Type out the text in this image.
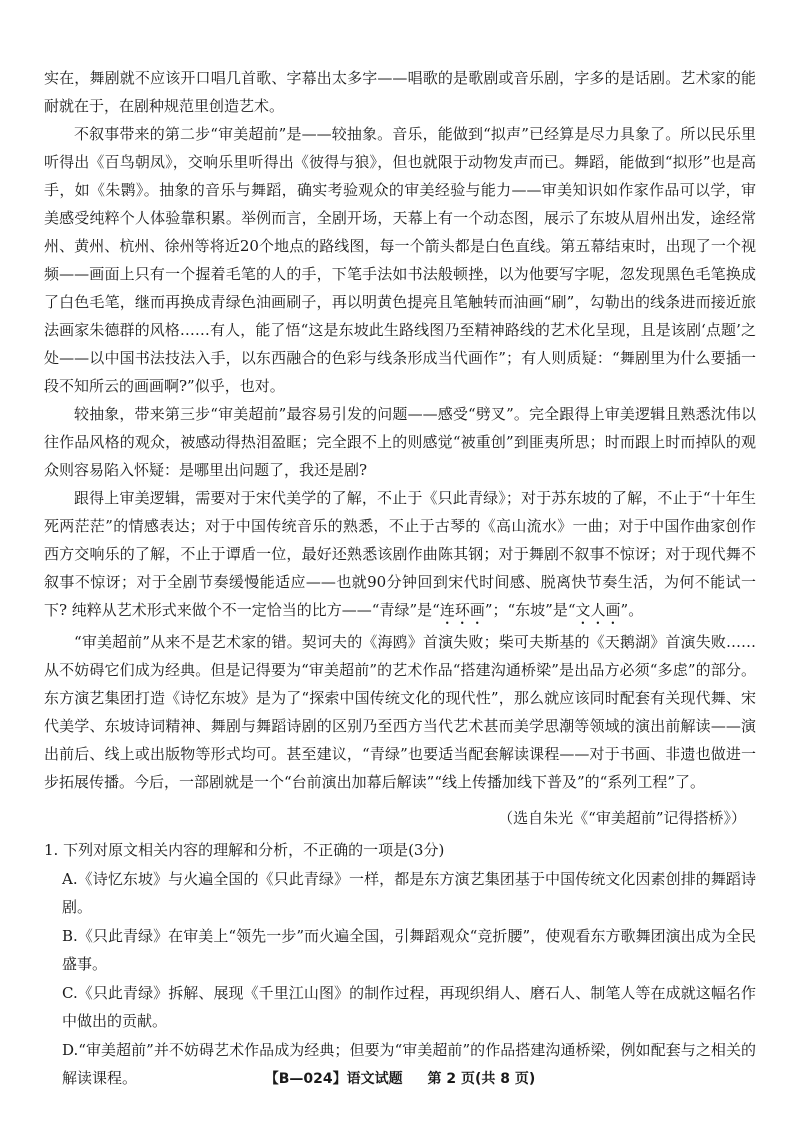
实在，舞剧就不应该开口唱几首歌、字幕出太多字——唱歌的是歌剧或音乐剧，字多的是话剧。艺术家的能耐就在于，在剧种规范里创造艺术。

不叙事带来的第二步“审美超前”是——较抽象。音乐，能做到“拟声”已经算是尽力具象了。所以民乐里听得出《百鸟朝凤》，交响乐里听得出《彼得与狼》，但也就限于动物发声而已。舞蹈，能做到“拟形”也是高手，如《朱鹮》。抽象的音乐与舞蹈，确实考验观众的审美经验与能力——审美知识如作家作品可以学，审美感受纯粹个人体验靠积累。举例而言，全剧开场，天幕上有一个动态图，展示了东坡从眉州出发，途经常州、黄州、杭州、徐州等将近20个地点的路线图，每一个箭头都是白色直线。第五幕结束时，出现了一个视频——画面上只有一个握着毛笔的人的手，下笔手法如书法般顿挫，以为他要写字呢，忽发现黑色毛笔换成了白色毛笔，继而再换成青绿色油画刷子，再以明黄色提亮且笔触转而油画“刷”，勾勒出的线条进而接近旅法画家朱德群的风格……有人，能了悟“这是东坡此生路线图乃至精神路线的艺术化呈现，且是该剧‘点题’之处——以中国书法技法入手，以东西融合的色彩与线条形成当代画作”；有人则质疑：“舞剧里为什么要插一段不知所云的画画啊?”似乎，也对。

较抽象，带来第三步“审美超前”最容易引发的问题——感受“劈叉”。完全跟得上审美逻辑且熟悉沈伟以往作品风格的观众，被感动得热泪盈眶；完全跟不上的则感觉“被重创”到匪夷所思；时而跟上时而掉队的观众则容易陷入怀疑：是哪里出问题了，我还是剧?

跟得上审美逻辑，需要对于宋代美学的了解，不止于《只此青绿》；对于苏东坡的了解，不止于“十年生死两茫茫”的情感表达；对于中国传统音乐的熟悉，不止于古琴的《高山流水》一曲；对于中国作曲家创作西方交响乐的了解，不止于谭盾一位，最好还熟悉该剧作曲陈其钢；对于舞剧不叙事不惊讶；对于现代舞不叙事不惊讶；对于全剧节奏缓慢能适应——也就90分钟回到宋代时间感、脱离快节奏生活，为何不能试一下? 纯粹从艺术形式来做个不一定恰当的比方——“青绿”是“连环画”；“东坡”是“文人画”。

“审美超前”从来不是艺术家的错。契诃夫的《海鸥》首演失败；柴可夫斯基的《天鹅湖》首演失败……从不妨碍它们成为经典。但是记得要为“审美超前”的艺术作品“搭建沟通桥梁”是出品方必须“多虑”的部分。东方演艺集团打造《诗忆东坡》是为了“探索中国传统文化的现代性”，那么就应该同时配套有关现代舞、宋代美学、东坡诗词精神、舞剧与舞蹈诗剧的区别乃至西方当代艺术甚而美学思潮等领域的演出前解读——演出前后、线上或出版物等形式均可。甚至建议，“青绿”也要适当配套解读课程——对于书画、非遗也做进一步拓展传播。今后，一部剧就是一个“台前演出加幕后解读”“线上传播加线下普及”的“系列工程”了。

（选自朱光《“审美超前”记得搭桥》）

1. 下列对原文相关内容的理解和分析，不正确的一项是(3分)

A.《诗忆东坡》与火遍全国的《只此青绿》一样，都是东方演艺集团基于中国传统文化因素创排的舞蹈诗剧。

B.《只此青绿》在审美上“领先一步”而火遍全国，引舞蹈观众“竞折腰”，使观看东方歌舞团演出成为全民盛事。

C.《只此青绿》拆解、展现《千里江山图》的制作过程，再现织绢人、磨石人、制笔人等在成就这幅名作中做出的贡献。

D.“审美超前”并不妨碍艺术作品成为经典；但要为“审美超前”的作品搭建沟通桥梁，例如配套与之相关的解读课程。	【B—024】语文试题 第 2 页(共 8 页)
